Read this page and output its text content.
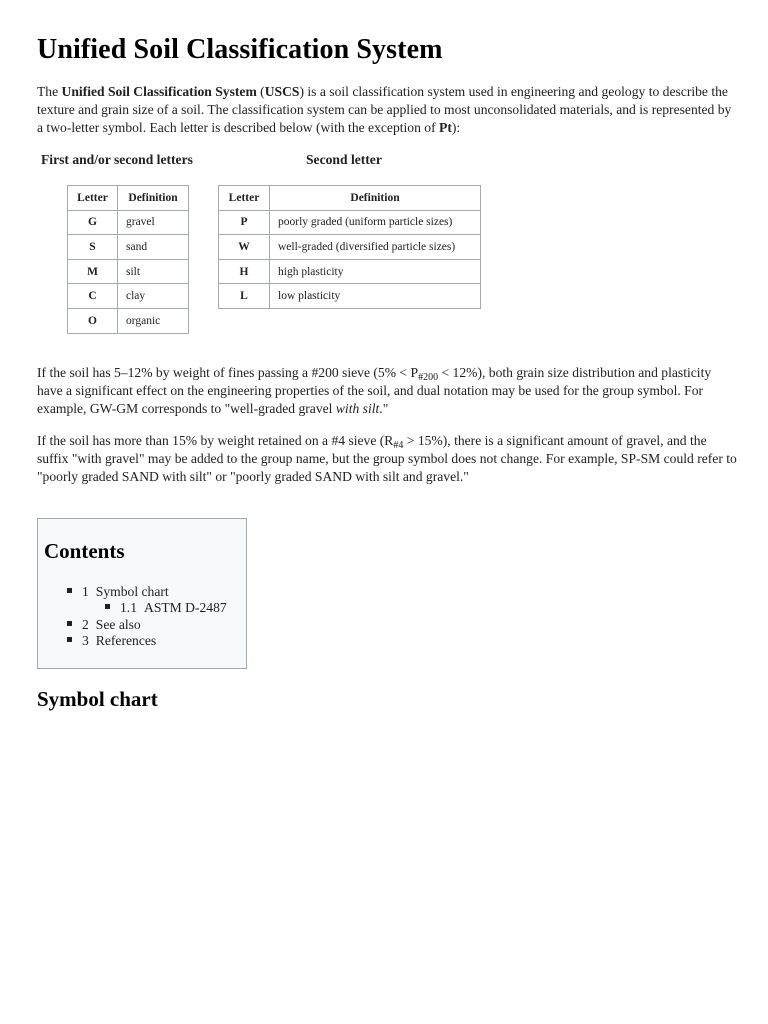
Unified Soil Classification System

The Unified Soil Classification System (USCS) is a soil classification system used in engineering and geology to describe the texture and grain size of a soil. The classification system can be applied to most unconsolidated materials, and is represented by a two-letter symbol. Each letter is described below (with the exception of Pt):

First and/or second letters	Second letter
Letter	Definition
G	gravel
S	sand
M	silt
C	clay
O	organic
Letter	Definition
P	poorly graded (uniform particle sizes)
W	well-graded (diversified particle sizes)
H	high plasticity
L	low plasticity

If the soil has 5–12% by weight of fines passing a #200 sieve $(5\% < P_{\#200} < 12\%)$, both grain size distribution and plasticity have a significant effect on the engineering properties of the soil, and dual notation may be used for the group symbol. For example, GW-GM corresponds to "well-graded gravel with silt."

If the soil has more than 15% by weight retained on a #4 sieve $(R_{\#4} > 15\%)$, there is a significant amount of gravel, and the suffix "with gravel" may be added to the group name, but the group symbol does not change. For example, SP-SM could refer to "poorly graded SAND with silt" or "poorly graded SAND with silt and gravel."

Contents
1 Symbol chart
1.1 ASTM D-2487
2 See also
3 References
Symbol chart
